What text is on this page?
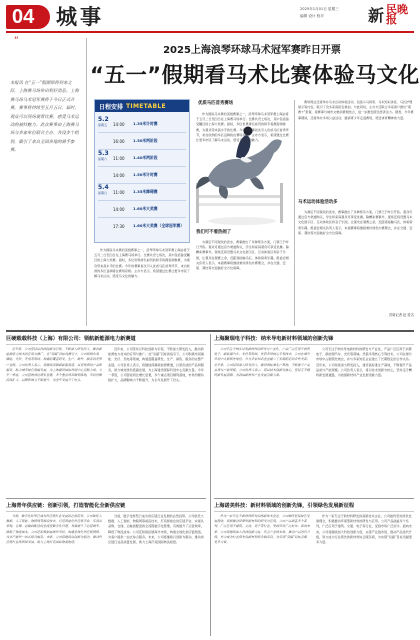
04 城事	2025年1月01日 星期三
编辑 设计 校对	新 民晚报
“
本报讯 在“五一”假期即将到来之际，上海赛马场传出利好消息。上海赛马场马术冠军赛将于今日正式开赛，赛事将持续至五月五日。届时，观众可以现场观看比赛，感受马术运动的独特魅力。此次赛事由上海赛马场与多家单位联合主办，共设多个组别，吸引了来自全国各地的骑手参赛。
2025上海浪琴环球马术冠军赛昨日开票
“五一”假期看马术比赛体验马文化
日程安排 TIMETABLE
5.2
星期五	14:00	1.35米计时赛

	16:00	1.50米两阶段

5.3
星期六	11:00	1.40米两阶段

	14:00	1.50米计时赛

5.4
星期日	11:00	1.35米障碍赛

	14:00	1.60米大奖赛

	17:30	1.60米大奖赛（全球冠军赛）
优质马匹首秀赛场
作为国际马术界的顶级赛事之一，浪琴环球马术冠军赛上海站将于五月二日至四日在上海赛马场举行。比赛共设七场次，其中包括备受瞩目的上海大奖赛。届时，多位世界排名前列的骑手将携爱驹参赛，为观众带来高水平的比赛。今年的赛事首次引入优质马匹首秀环节，来自欧洲的多匹良驹将在赛场亮相。主办方表示，希望通过比赛让更多市民了解马术运动，感受马文化的魅力。
我们可不看热闹了
为满足不同观众的需求，赛事推出了多种票务方案，门票已于昨日开售。观众可通过官方渠道购买，学生和家庭观众可享受优惠。除精彩赛事外，现场还将设置马术文化展示区、互动体验区和亲子乐园，让观众在观赛之余，近距离接触马匹，体验骑乘乐趣。组委会相关负责人表示，本届赛事将继续秉持绿色办赛理念，并在交通、安保、餐饮等方面做好全方位保障。
赛场周边还将举办马术运动体验活动，包括小马骑乘、马术知识讲座、马匹护理展示等内容，吸引了众多家庭报名参加。与此同时，主办方还联合多家商户推出“观赛+”套餐，将赛事与城市文旅消费相结合，进一步激发假日经济活力。据悉，今年赛事期间，还将举办多场公益活动，邀请青少年走进赛场，感受体育精神的力量。
马术运动体验活动多
为满足不同观众的需求，赛事推出了多种票务方案，门票已于昨日开售。观众可通过官方渠道购买，学生和家庭观众可享受优惠。除精彩赛事外，现场还将设置马术文化展示区、互动体验区和亲子乐园，让观众在观赛之余，近距离接触马匹，体验骑乘乐趣。组委会相关负责人表示，本届赛事将继续秉持绿色办赛理念，并在交通、安保、餐饮等方面做好全方位保障。
首席记者 赵 姓名
作为国际马术界的顶级赛事之一，浪琴环球马术冠军赛上海站将于五月二日至四日在上海赛马场举行。比赛共设七场次，其中包括备受瞩目的上海大奖赛。届时，多位世界排名前列的骑手将携爱驹参赛，为观众带来高水平的比赛。今年的赛事首次引入优质马匹首秀环节，来自欧洲的多匹良驹将在赛场亮相。主办方表示，希望通过比赛让更多市民了解马术运动，感受马文化的魅力。
巨硬载载科技（上海）有限公司：领航新能源电力新赛道
近年来，公司坚持以科技创新为引领，不断加大研发投入，推动新能源电力技术的应用与推广。在“双碳”目标的指引下，公司积极布局储能、光伏、充电等领域，构建起覆盖研发、生产、销售、服务的完整产业链。公司负责人表示，将继续深耕新能源赛道，以更优质的产品和服务，助力城市绿色低碳发展，为上海建设国际科创中心贡献力量。今年一季度，公司营收同比增长显著，多个重点项目顺利落地，市场份额持续扩大，品牌影响力不断提升，为全年发展开了好头。
近年来，公司坚持以科技创新为引领，不断加大研发投入，推动新能源电力技术的应用与推广。在“双碳”目标的指引下，公司积极布局储能、光伏、充电等领域，构建起覆盖研发、生产、销售、服务的完整产业链。公司负责人表示，将继续深耕新能源赛道，以更优质的产品和服务，助力城市绿色低碳发展，为上海建设国际科创中心贡献力量。今年一季度，公司营收同比增长显著，多个重点项目顺利落地，市场份额持续扩大，品牌影响力不断提升，为全年发展开了好头。
上海青年供应链：创新引领，打造智能化全新供应链
当前，数字化转型已成为供应链行业发展的必然趋势。公司依托大数据、人工智能、物联网等前沿技术，打造智能化供应链平台，实现从采购、仓储、运输到配送的全流程数字化管理，有效提升了运营效率，降低了物流成本。公司还积极拓展海外市场，构建全球化供应链网络，为客户提供一站式综合服务。未来，公司将继续以创新为驱动，推动供应链行业高质量发展，助力上海打造国际物流枢纽。
当前，数字化转型已成为供应链行业发展的必然趋势。公司依托大数据、人工智能、物联网等前沿技术，打造智能化供应链平台，实现从采购、仓储、运输到配送的全流程数字化管理，有效提升了运营效率，降低了物流成本。公司还积极拓展海外市场，构建全球化供应链网络，为客户提供一站式综合服务。未来，公司将继续以创新为驱动，推动供应链行业高质量发展，助力上海打造国际物流枢纽。
上海聚瑞电子科技：纳米导电新材料领域的创新先锋
公司专注于纳米导电新材料的研发与产业化，产品广泛应用于消费电子、新能源汽车、光伏等领域。凭借多项核心专利技术，公司在细分市场中占据领先地位，并与多家知名企业建立了长期稳定的合作关系。近年来，公司持续加大研发投入，建设高标准生产基地，不断提升产品品质与产能规模。公司负责人表示，将以技术创新为核心，坚持走专精特新发展道路，为我国新材料产业发展贡献力量。
公司专注于纳米导电新材料的研发与产业化，产品广泛应用于消费电子、新能源汽车、光伏等领域。凭借多项核心专利技术，公司在细分市场中占据领先地位，并与多家知名企业建立了长期稳定的合作关系。近年来，公司持续加大研发投入，建设高标准生产基地，不断提升产品品质与产能规模。公司负责人表示，将以技术创新为核心，坚持走专精特新发展道路，为我国新材料产业发展贡献力量。
上海诺美科技：新材料领域的创新先锋，引领绿色发展新征程
作为一家专注于新材料研发的高新技术企业，公司始终坚持绿色发展理念，积极推动环保型新材料的研发与应用。公司产品涵盖多个系列，广泛应用于建筑、交通、电子等行业，受到市场广泛好评。面向未来，公司将继续加大科技创新力度，完善产业链布局，推动产品迭代升级，努力成为行业领先的新材料综合服务商，为实现“双碳”目标贡献更多力量。
作为一家专注于新材料研发的高新技术企业，公司始终坚持绿色发展理念，积极推动环保型新材料的研发与应用。公司产品涵盖多个系列，广泛应用于建筑、交通、电子等行业，受到市场广泛好评。面向未来，公司将继续加大科技创新力度，完善产业链布局，推动产品迭代升级，努力成为行业领先的新材料综合服务商，为实现“双碳”目标贡献更多力量。
